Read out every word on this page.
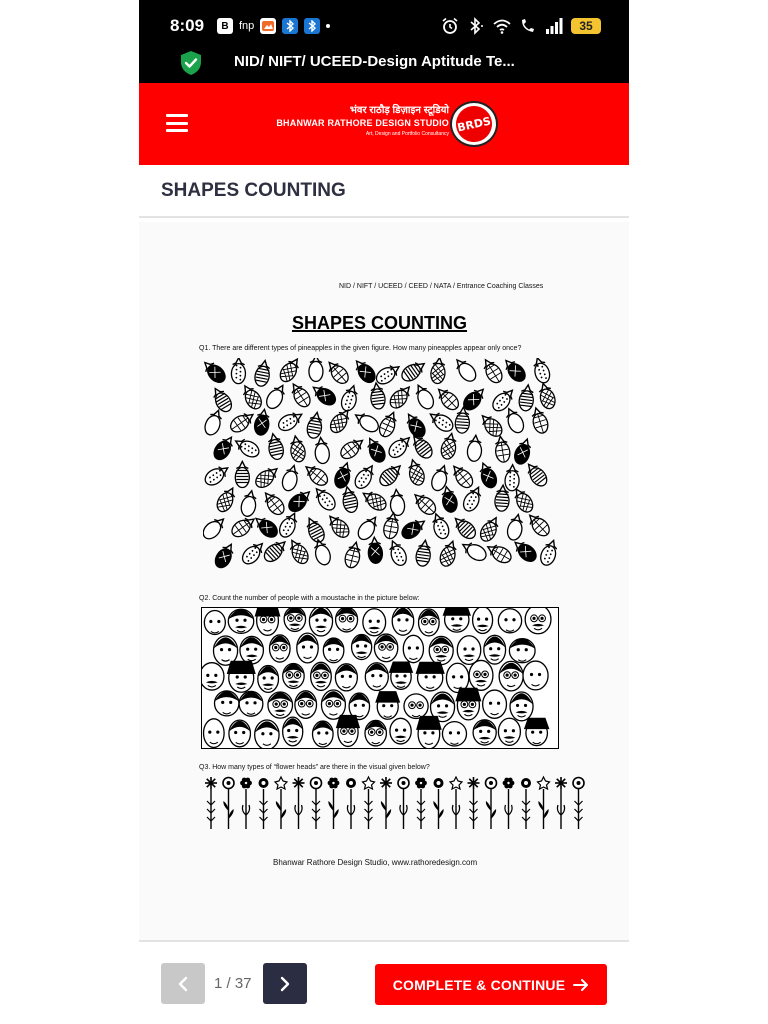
8:09	B fnp	35
NID/ NIFT/ UCEED-Design Aptitude Te...
भंवर राठौड़ डिज़ाइन स्टूडियो
BHANWAR RATHORE DESIGN STUDIO
Art, Design and Portfolio Consultancy
BRDS
SHAPES COUNTING
NID / NIFT / UCEED / CEED / NATA / Entrance Coaching Classes
SHAPES COUNTING
Q1. There are different types of pineapples in the given figure. How many pineapples appear only once?
Q2. Count the number of people with a moustache in the picture below:
Q3. How many types of “flower heads” are there in the visual given below?
Bhanwar Rathore Design Studio, www.rathoredesign.com
1 / 37	COMPLETE & CONTINUE
